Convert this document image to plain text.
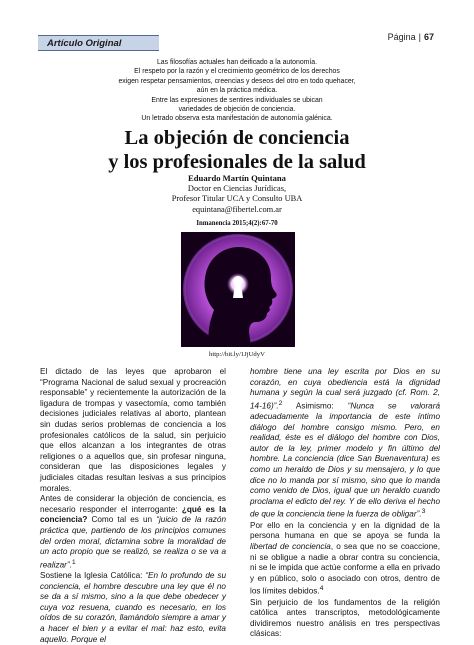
Artículo Original
Página | 67
Las filosofías actuales han deificado a la autonomía.
El respeto por la razón y el crecimiento geométrico de los derechos
exigen respetar pensamientos, creencias y deseos del otro en todo quehacer,
aún en la práctica médica.
Entre las expresiones de sentires individuales se ubican
variedades de objeción de conciencia.
Un letrado observa esta manifestación de autonomía galénica.
La objeción de conciencia
y los profesionales de la salud
Eduardo Martín Quintana
Doctor en Ciencias Jurídicas,
Profesor Titular UCA y Consulto UBA
equintana@fibertel.com.ar
Inmanencia 2015;4(2):67-70
http://bit.ly/1JjUdyV

El dictado de las leyes que aprobaron el “Programa Nacional de salud sexual y procreación responsable” y recientemente la autorización de la ligadura de trompas y vasectomía, como también decisiones judiciales relativas al aborto, plantean sin dudas serios problemas de conciencia a los profesionales católicos de la salud, sin perjuicio que ellos alcanzan a los integrantes de otras religiones o a aquellos que, sin profesar ninguna, consideran que las disposiciones legales y judiciales citadas resultan lesivas a sus principios morales.

Antes de considerar la objeción de conciencia, es necesario responder el interrogante: ¿qué es la conciencia? Como tal es un “juicio de la razón práctica que, partiendo de los principios comunes del orden moral, dictamina sobre la moralidad de un acto propio que se realizó, se realiza o se va a realizar”.$^1$

Sostiene la Iglesia Católica: “En lo profundo de su conciencia, el hombre descubre una ley que él no se da a sí mismo, sino a la que debe obedecer y cuya voz resuena, cuando es necesario, en los oídos de su corazón, llamándolo siempre a amar y a hacer el bien y a evitar el mal: haz esto, evita aquello. Porque el

hombre tiene una ley escrita por Dios en su corazón, en cuya obediencia está la dignidad humana y según la cual será juzgado (cf. Rom. 2, 14-16)”.$^2$ Asimismo: “Nunca se valorará adecuadamente la importancia de este íntimo diálogo del hombre consigo mismo. Pero, en realidad, éste es el diálogo del hombre con Dios, autor de la ley, primer modelo y fin último del hombre. La conciencia (dice San Buenaventura) es como un heraldo de Dios y su mensajero, y lo que dice no lo manda por sí mismo, sino que lo manda como venido de Dios, igual que un heraldo cuando proclama el edicto del rey. Y de ello deriva el hecho de que la conciencia tiene la fuerza de obligar”.$^3$

Por ello en la conciencia y en la dignidad de la persona humana en que se apoya se funda la libertad de conciencia, o sea que no se coaccione, ni se obligue a nadie a obrar contra su conciencia, ni se le impida que actúe conforme a ella en privado y en público, solo o asociado con otros, dentro de los límites debidos.$^4$

Sin perjuicio de los fundamentos de la religión católica antes transcriptos, metodológicamente dividiremos nuestro análisis en tres perspectivas clásicas:
